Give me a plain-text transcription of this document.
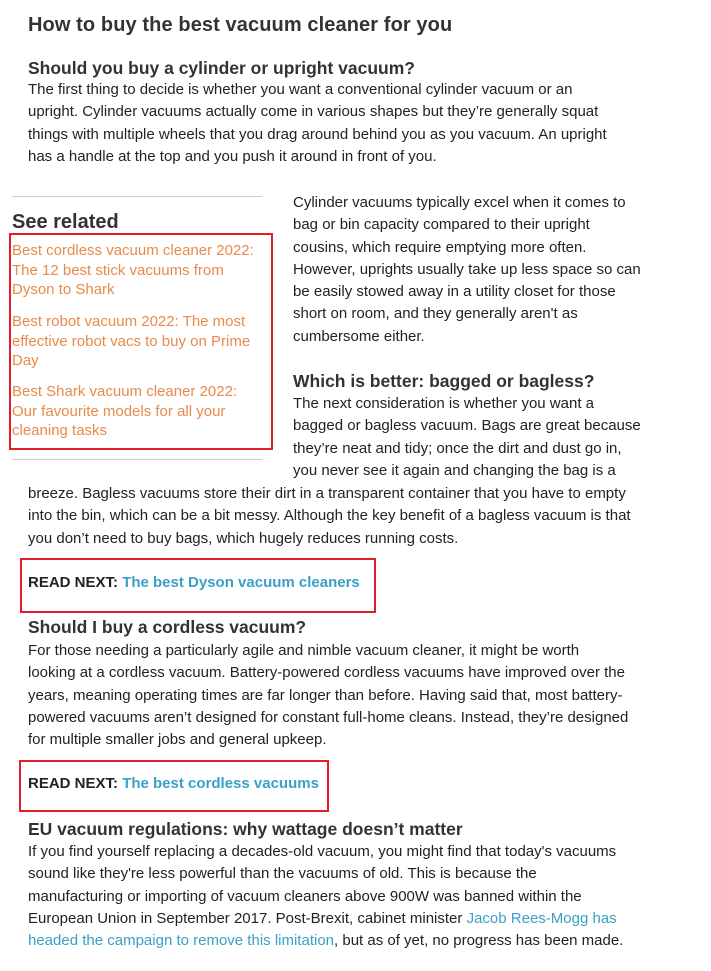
How to buy the best vacuum cleaner for you
Should you buy a cylinder or upright vacuum?

The first thing to decide is whether you want a conventional cylinder vacuum or an
upright. Cylinder vacuums actually come in various shapes but they’re generally squat
things with multiple wheels that you drag around behind you as you vacuum. An upright
has a handle at the top and you push it around in front of you.

See related
Best cordless vacuum cleaner 2022:
The 12 best stick vacuums from
Dyson to Shark
Best robot vacuum 2022: The most
effective robot vacs to buy on Prime
Day
Best Shark vacuum cleaner 2022:
Our favourite models for all your
cleaning tasks

Cylinder vacuums typically excel when it comes to
bag or bin capacity compared to their upright
cousins, which require emptying more often.
However, uprights usually take up less space so can
be easily stowed away in a utility closet for those
short on room, and they generally aren't as
cumbersome either.

Which is better: bagged or bagless?

The next consideration is whether you want a
bagged or bagless vacuum. Bags are great because
they’re neat and tidy; once the dirt and dust go in,
you never see it again and changing the bag is a

breeze. Bagless vacuums store their dirt in a transparent container that you have to empty
into the bin, which can be a bit messy. Although the key benefit of a bagless vacuum is that
you don’t need to buy bags, which hugely reduces running costs.

READ NEXT: The best Dyson vacuum cleaners

Should I buy a cordless vacuum?

For those needing a particularly agile and nimble vacuum cleaner, it might be worth
looking at a cordless vacuum. Battery-powered cordless vacuums have improved over the
years, meaning operating times are far longer than before. Having said that, most battery-
powered vacuums aren’t designed for constant full-home cleans. Instead, they’re designed
for multiple smaller jobs and general upkeep.

READ NEXT: The best cordless vacuums

EU vacuum regulations: why wattage doesn’t matter

If you find yourself replacing a decades-old vacuum, you might find that today's vacuums
sound like they're less powerful than the vacuums of old. This is because the
manufacturing or importing of vacuum cleaners above 900W was banned within the
European Union in September 2017. Post-Brexit, cabinet minister Jacob Rees-Mogg has
headed the campaign to remove this limitation, but as of yet, no progress has been made.
